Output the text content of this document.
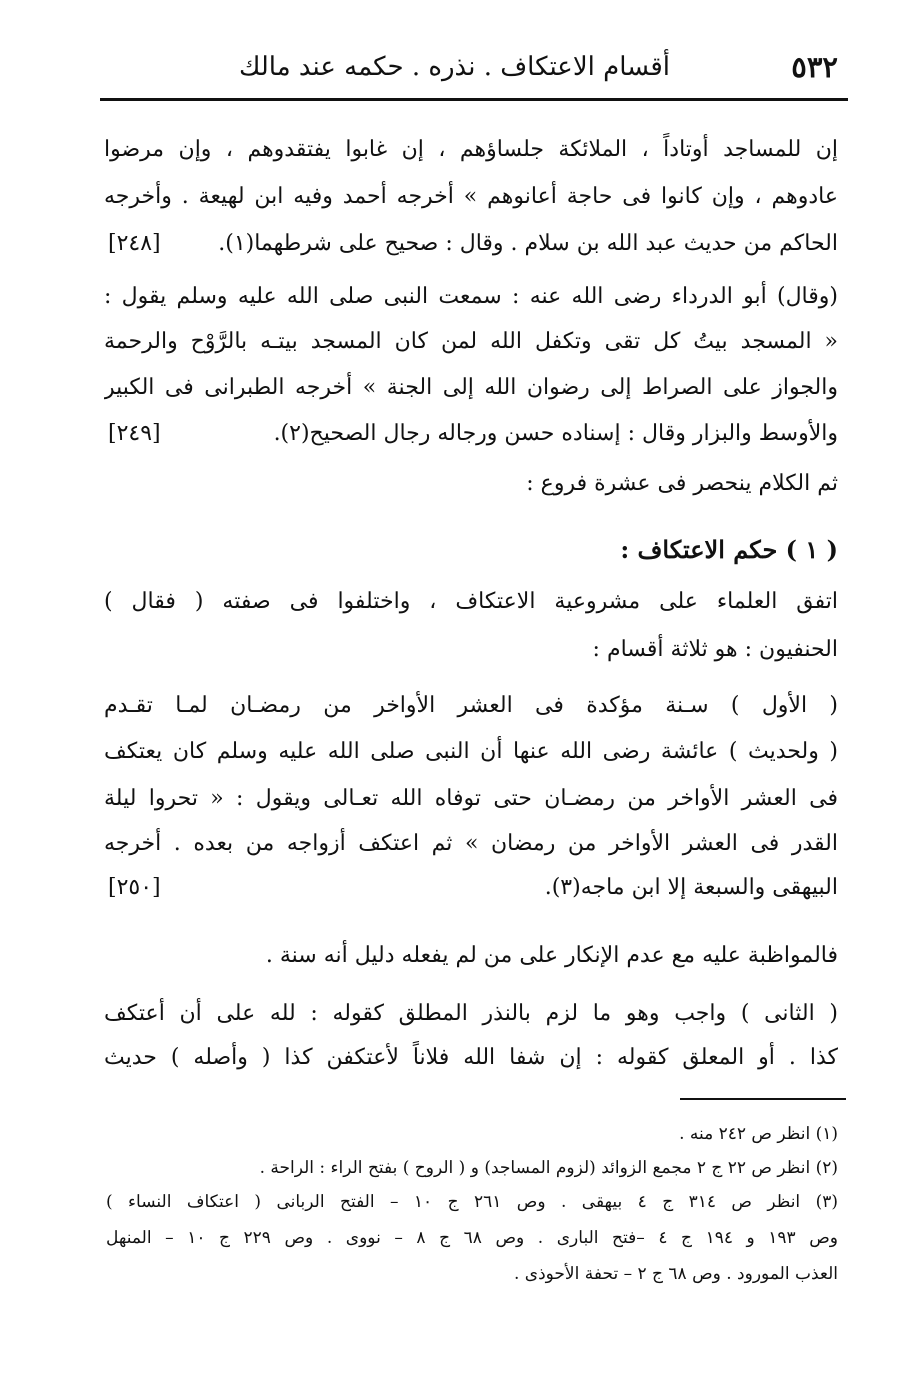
٥٣٢
أقسام الاعتكاف . نذره . حكمه عند مالك
إن للمساجد أوتاداً ، الملائكة جلساؤهم ، إن غابوا يفتقدوهم ، وإن مرضوا
عادوهم ، وإن كانوا فى حاجة أعانوهم » أخرجه أحمد وفيه ابن لهيعة . وأخرجه
الحاكم من حديث عبد الله بن سلام . وقال : صحيح على شرطهما(١).
[٢٤٨]
(وقال) أبو الدرداء رضى الله عنه : سمعت النبى صلى الله عليه وسلم يقول :
« المسجد بيتُ كل تقى وتكفل الله لمن كان المسجد بيتـه بالرَّوْح والرحمة
والجواز على الصراط إلى رضوان الله إلى الجنة » أخرجه الطبرانى فى الكبير
والأوسط والبزار وقال : إسناده حسن ورجاله رجال الصحيح(٢).
[٢٤٩]
ثم الكلام ينحصر فى عشرة فروع :
( ١ ) حكم الاعتكاف :
اتفق العلماء على مشروعية الاعتكاف ، واختلفوا فى صفته ( فقال )
الحنفيون : هو ثلاثة أقسام :
( الأول ) سـنة مؤكدة فى العشر الأواخر من رمضـان لمـا تقـدم
( ولحديث ) عائشة رضى الله عنها أن النبى صلى الله عليه وسلم كان يعتكف
فى العشر الأواخر من رمضـان حتى توفاه الله تعـالى ويقول : « تحروا ليلة
القدر فى العشر الأواخر من رمضان » ثم اعتكف أزواجه من بعده . أخرجه
البيهقى والسبعة إلا ابن ماجه(٣).
[٢٥٠]
فالمواظبة عليه مع عدم الإنكار على من لم يفعله دليل أنه سنة .
( الثانى ) واجب وهو ما لزم بالنذر المطلق كقوله : لله على أن أعتكف
كذا . أو المعلق كقوله : إن شفا الله فلاناً لأعتكفن كذا ( وأصله ) حديث
(١) انظر ص ٢٤٢ منه .
(٢) انظر ص ٢٢ ج ٢ مجمع الزوائد (لزوم المساجد) و ( الروح ) بفتح الراء : الراحة .
(٣) انظر ص ٣١٤ ج ٤ بيهقى . وص ٢٦١ ج ١٠ – الفتح الربانى ( اعتكاف النساء )
وص ١٩٣ و ١٩٤ ج ٤ –فتح البارى . وص ٦٨ ج ٨ – نووى . وص ٢٢٩ ج ١٠ – المنهل
العذب المورود . وص ٦٨ ج ٢ – تحفة الأحوذى .
